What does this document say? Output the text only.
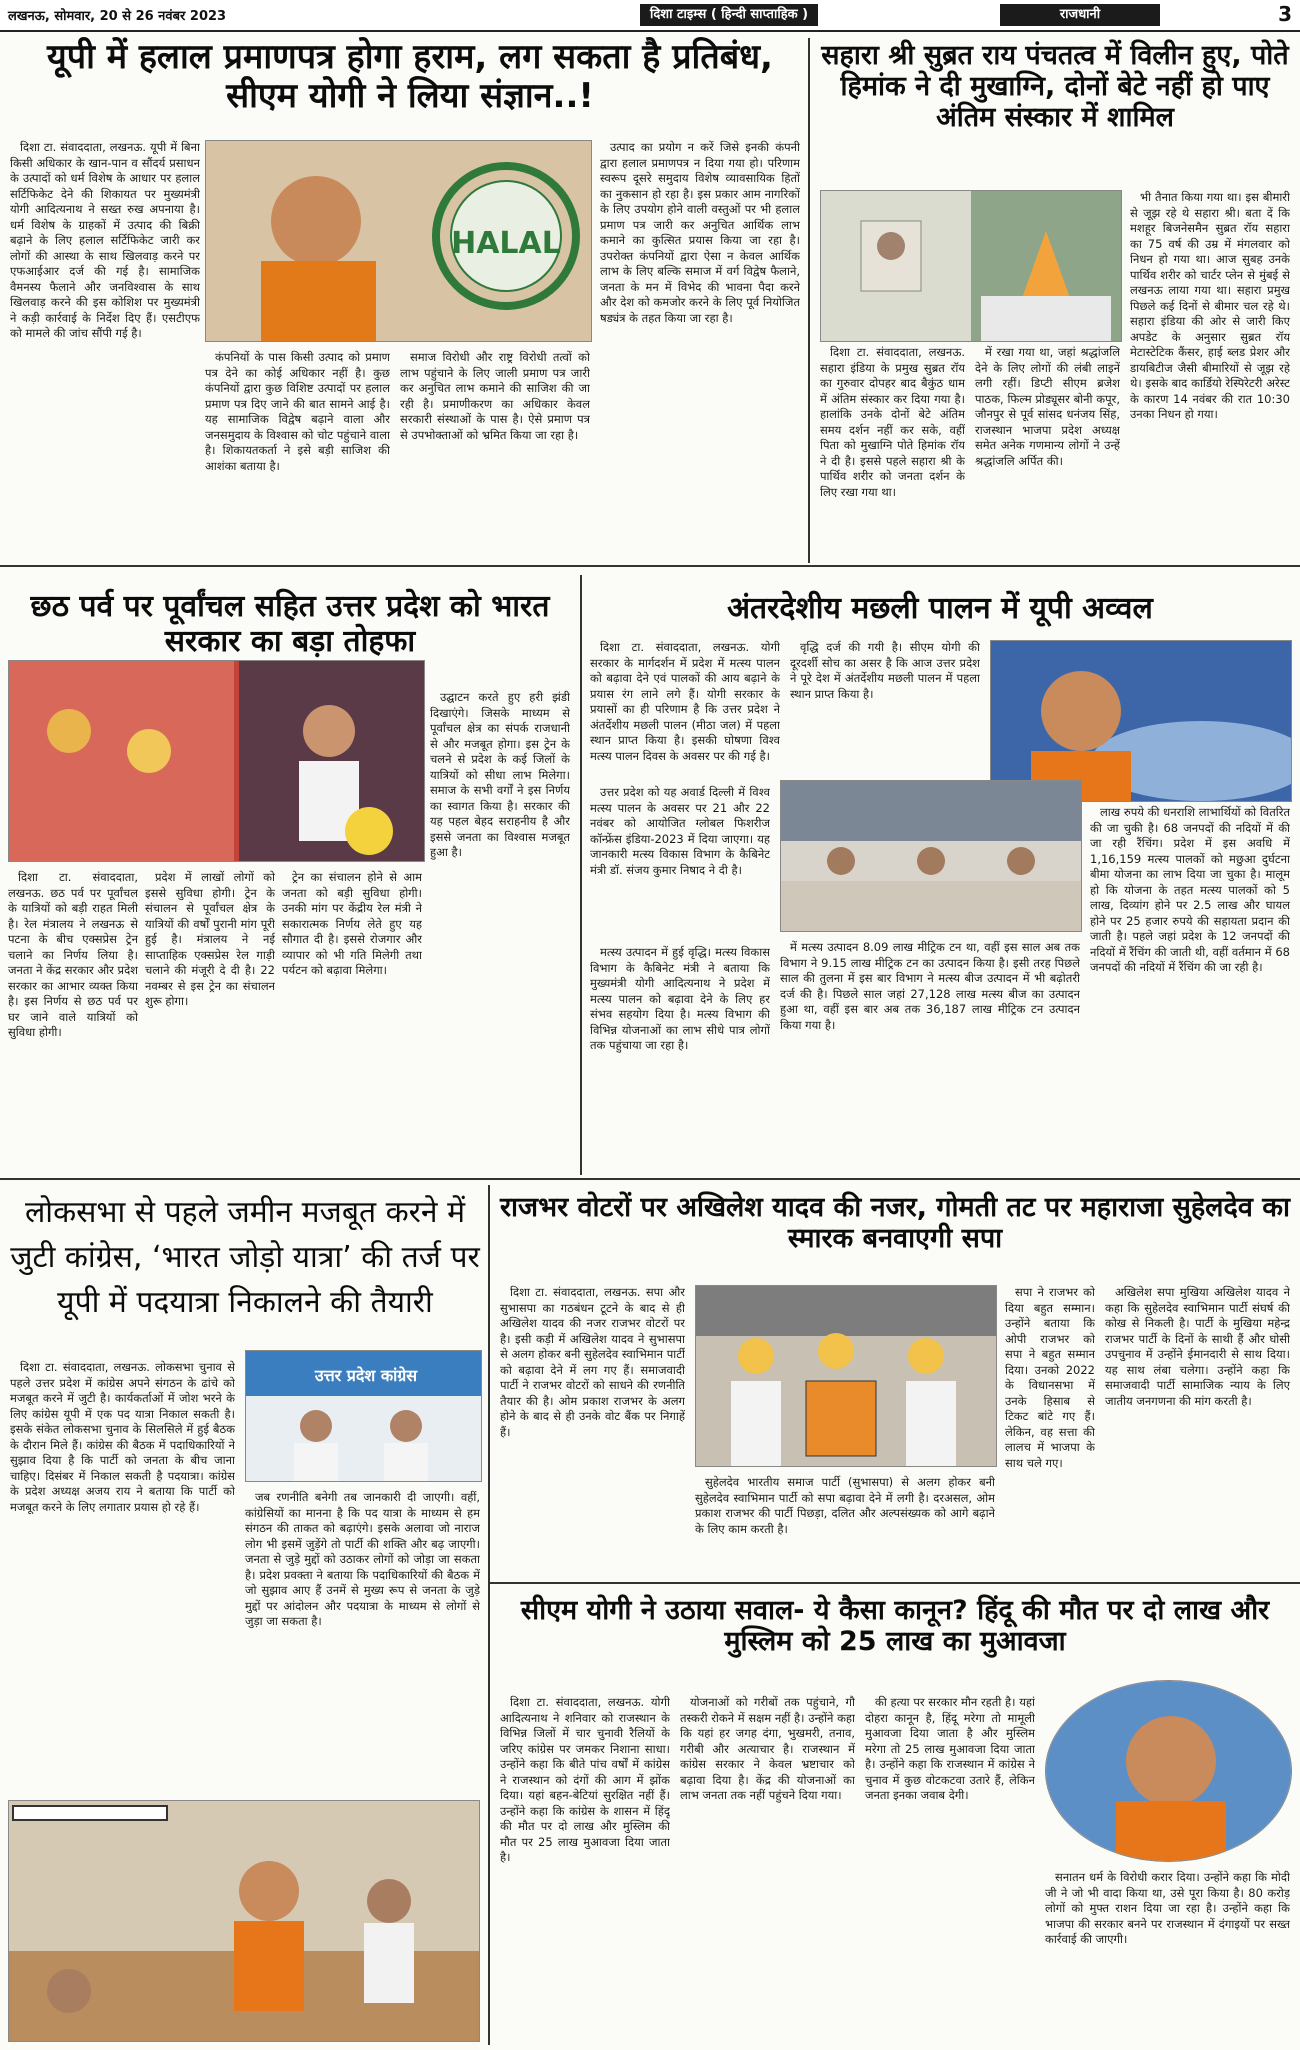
लखनऊ, सोमवार, 20 से 26 नवंबर 2023	दिशा टाइम्स ( हिन्दी साप्ताहिक )	राजधानी	3
यूपी में हलाल प्रमाणपत्र होगा हराम, लग सकता है प्रतिबंध, सीएम योगी ने लिया संज्ञान..!
HALAL

दिशा टा. संवाददाता, लखनऊ. यूपी में बिना किसी अधिकार के खान-पान व सौंदर्य प्रसाधन के उत्पादों को धर्म विशेष के आधार पर हलाल सर्टिफिकेट देने की शिकायत पर मुख्यमंत्री योगी आदित्यनाथ ने सख्त रुख अपनाया है। धर्म विशेष के ग्राहकों में उत्पाद की बिक्री बढ़ाने के लिए हलाल सर्टिफिकेट जारी कर लोगों की आस्था के साथ खिलवाड़ करने पर एफआईआर दर्ज की गई है। सामाजिक वैमनस्य फैलाने और जनविश्वास के साथ खिलवाड़ करने की इस कोशिश पर मुख्यमंत्री ने कड़ी कार्रवाई के निर्देश दिए हैं। एसटीएफ को मामले की जांच सौंपी गई है।

कंपनियों के पास किसी उत्पाद को प्रमाण पत्र देने का कोई अधिकार नहीं है। कुछ कंपनियों द्वारा कुछ विशिष्ट उत्पादों पर हलाल प्रमाण पत्र दिए जाने की बात सामने आई है। यह सामाजिक विद्वेष बढ़ाने वाला और जनसमुदाय के विश्वास को चोट पहुंचाने वाला है। शिकायतकर्ता ने इसे बड़ी साजिश की आशंका बताया है।

समाज विरोधी और राष्ट्र विरोधी तत्वों को लाभ पहुंचाने के लिए जाली प्रमाण पत्र जारी कर अनुचित लाभ कमाने की साजिश की जा रही है। प्रमाणीकरण का अधिकार केवल सरकारी संस्थाओं के पास है। ऐसे प्रमाण पत्र से उपभोक्ताओं को भ्रमित किया जा रहा है।

उत्पाद का प्रयोग न करें जिसे इनकी कंपनी द्वारा हलाल प्रमाणपत्र न दिया गया हो। परिणाम स्वरूप दूसरे समुदाय विशेष व्यावसायिक हितों का नुकसान हो रहा है। इस प्रकार आम नागरिकों के लिए उपयोग होने वाली वस्तुओं पर भी हलाल प्रमाण पत्र जारी कर अनुचित आर्थिक लाभ कमाने का कुत्सित प्रयास किया जा रहा है। उपरोक्त कंपनियों द्वारा ऐसा न केवल आर्थिक लाभ के लिए बल्कि समाज में वर्ग विद्वेष फैलाने, जनता के मन में विभेद की भावना पैदा करने और देश को कमजोर करने के लिए पूर्व नियोजित षड्यंत्र के तहत किया जा रहा है।

सहारा श्री सुब्रत राय पंचतत्व में विलीन हुए, पोते हिमांक ने दी मुखाग्नि, दोनों बेटे नहीं हो पाए अंतिम संस्कार में शामिल

दिशा टा. संवाददाता, लखनऊ. सहारा इंडिया के प्रमुख सुब्रत रॉय का गुरुवार दोपहर बाद बैकुंठ धाम में अंतिम संस्कार कर दिया गया है। हालांकि उनके दोनों बेटे अंतिम समय दर्शन नहीं कर सके, वहीं पिता को मुखाग्नि पोते हिमांक रॉय ने दी है। इससे पहले सहारा श्री के पार्थिव शरीर को जनता दर्शन के लिए रखा गया था।

में रखा गया था, जहां श्रद्धांजलि देने के लिए लोगों की लंबी लाइनें लगी रहीं। डिप्टी सीएम ब्रजेश पाठक, फिल्म प्रोड्यूसर बोनी कपूर, जौनपुर से पूर्व सांसद धनंजय सिंह, राजस्थान भाजपा प्रदेश अध्यक्ष समेत अनेक गणमान्य लोगों ने उन्हें श्रद्धांजलि अर्पित की।

भी तैनात किया गया था। इस बीमारी से जूझ रहे थे सहारा श्री। बता दें कि मशहूर बिजनेसमैन सुब्रत रॉय सहारा का 75 वर्ष की उम्र में मंगलवार को निधन हो गया था। आज सुबह उनके पार्थिव शरीर को चार्टर प्लेन से मुंबई से लखनऊ लाया गया था। सहारा प्रमुख पिछले कई दिनों से बीमार चल रहे थे। सहारा इंडिया की ओर से जारी किए अपडेट के अनुसार सुब्रत रॉय मेटास्टेटिक कैंसर, हाई ब्लड प्रेशर और डायबिटीज जैसी बीमारियों से जूझ रहे थे। इसके बाद कार्डियो रेस्पिरेटरी अरेस्ट के कारण 14 नवंबर की रात 10:30 उनका निधन हो गया।

छठ पर्व पर पूर्वांचल सहित उत्तर प्रदेश को भारत सरकार का बड़ा तोहफा

दिशा टा. संवाददाता, लखनऊ. छठ पर्व पर पूर्वांचल के यात्रियों को बड़ी राहत मिली है। रेल मंत्रालय ने लखनऊ से पटना के बीच एक्सप्रेस ट्रेन चलाने का निर्णय लिया है। जनता ने केंद्र सरकार और प्रदेश सरकार का आभार व्यक्त किया है। इस निर्णय से छठ पर्व पर घर जाने वाले यात्रियों को सुविधा होगी।

प्रदेश में लाखों लोगों को इससे सुविधा होगी। ट्रेन के संचालन से पूर्वांचल क्षेत्र के यात्रियों की वर्षों पुरानी मांग पूरी हुई है। मंत्रालय ने नई साप्ताहिक एक्सप्रेस रेल गाड़ी चलाने की मंजूरी दे दी है। 22 नवम्बर से इस ट्रेन का संचालन शुरू होगा।

ट्रेन का संचालन होने से आम जनता को बड़ी सुविधा होगी। उनकी मांग पर केंद्रीय रेल मंत्री ने सकारात्मक निर्णय लेते हुए यह सौगात दी है। इससे रोजगार और व्यापार को भी गति मिलेगी तथा पर्यटन को बढ़ावा मिलेगा।

उद्घाटन करते हुए हरी झंडी दिखाएंगे। जिसके माध्यम से पूर्वांचल क्षेत्र का संपर्क राजधानी से और मजबूत होगा। इस ट्रेन के चलने से प्रदेश के कई जिलों के यात्रियों को सीधा लाभ मिलेगा। समाज के सभी वर्गों ने इस निर्णय का स्वागत किया है। सरकार की यह पहल बेहद सराहनीय है और इससे जनता का विश्वास मजबूत हुआ है।

अंतरदेशीय मछली पालन में यूपी अव्वल

दिशा टा. संवाददाता, लखनऊ. योगी सरकार के मार्गदर्शन में प्रदेश में मत्स्य पालन को बढ़ावा देने एवं पालकों की आय बढ़ाने के प्रयास रंग लाने लगे हैं। योगी सरकार के प्रयासों का ही परिणाम है कि उत्तर प्रदेश ने अंतर्देशीय मछली पालन (मीठा जल) में पहला स्थान प्राप्त किया है। इसकी घोषणा विश्व मत्स्य पालन दिवस के अवसर पर की गई है।

वृद्धि दर्ज की गयी है। सीएम योगी की दूरदर्शी सोच का असर है कि आज उत्तर प्रदेश ने पूरे देश में अंतर्देशीय मछली पालन में पहला स्थान प्राप्त किया है।

उत्तर प्रदेश को यह अवार्ड दिल्ली में विश्व मत्स्य पालन के अवसर पर 21 और 22 नवंबर को आयोजित ग्लोबल फिशरीज कॉन्फ्रेंस इंडिया-2023 में दिया जाएगा। यह जानकारी मत्स्य विकास विभाग के कैबिनेट मंत्री डॉ. संजय कुमार निषाद ने दी है।

मत्स्य उत्पादन में हुई वृद्धि। मत्स्य विकास विभाग के कैबिनेट मंत्री ने बताया कि मुख्यमंत्री योगी आदित्यनाथ ने प्रदेश में मत्स्य पालन को बढ़ावा देने के लिए हर संभव सहयोग दिया है। मत्स्य विभाग की विभिन्न योजनाओं का लाभ सीधे पात्र लोगों तक पहुंचाया जा रहा है।

में मत्स्य उत्पादन 8.09 लाख मीट्रिक टन था, वहीं इस साल अब तक विभाग ने 9.15 लाख मीट्रिक टन का उत्पादन किया है। इसी तरह पिछले साल की तुलना में इस बार विभाग ने मत्स्य बीज उत्पादन में भी बढ़ोतरी दर्ज की है। पिछले साल जहां 27,128 लाख मत्स्य बीज का उत्पादन हुआ था, वहीं इस बार अब तक 36,187 लाख मीट्रिक टन उत्पादन किया गया है।

लाख रुपये की धनराशि लाभार्थियों को वितरित की जा चुकी है। 68 जनपदों की नदियों में की जा रही रैंचिंग। प्रदेश में इस अवधि में 1,16,159 मत्स्य पालकों को मछुआ दुर्घटना बीमा योजना का लाभ दिया जा चुका है। मालूम हो कि योजना के तहत मत्स्य पालकों को 5 लाख, दिव्यांग होने पर 2.5 लाख और घायल होने पर 25 हजार रुपये की सहायता प्रदान की जाती है। पहले जहां प्रदेश के 12 जनपदों की नदियों में रैंचिंग की जाती थी, वहीं वर्तमान में 68 जनपदों की नदियों में रैंचिंग की जा रही है।

लोकसभा से पहले जमीन मजबूत करने में जुटी कांग्रेस, ‘भारत जोड़ो यात्रा’ की तर्ज पर यूपी में पदयात्रा निकालने की तैयारी
उत्तर प्रदेश कांग्रेस

दिशा टा. संवाददाता, लखनऊ. लोकसभा चुनाव से पहले उत्तर प्रदेश में कांग्रेस अपने संगठन के ढांचे को मजबूत करने में जुटी है। कार्यकर्ताओं में जोश भरने के लिए कांग्रेस यूपी में एक पद यात्रा निकाल सकती है। इसके संकेत लोकसभा चुनाव के सिलसिले में हुई बैठक के दौरान मिले हैं। कांग्रेस की बैठक में पदाधिकारियों ने सुझाव दिया है कि पार्टी को जनता के बीच जाना चाहिए। दिसंबर में निकाल सकती है पदयात्रा। कांग्रेस के प्रदेश अध्यक्ष अजय राय ने बताया कि पार्टी को मजबूत करने के लिए लगातार प्रयास हो रहे हैं।

जब रणनीति बनेगी तब जानकारी दी जाएगी। वहीं, कांग्रेसियों का मानना है कि पद यात्रा के माध्यम से हम संगठन की ताकत को बढ़ाएंगे। इसके अलावा जो नाराज लोग भी इसमें जुड़ेंगे तो पार्टी की शक्ति और बढ़ जाएगी। जनता से जुड़े मुद्दों को उठाकर लोगों को जोड़ा जा सकता है। प्रदेश प्रवक्ता ने बताया कि पदाधिकारियों की बैठक में जो सुझाव आए हैं उनमें से मुख्य रूप से जनता के जुड़े मुद्दों पर आंदोलन और पदयात्रा के माध्यम से लोगों से जुड़ा जा सकता है।

राजभर वोटरों पर अखिलेश यादव की नजर, गोमती तट पर महाराजा सुहेलदेव का स्मारक बनवाएगी सपा

दिशा टा. संवाददाता, लखनऊ. सपा और सुभासपा का गठबंधन टूटने के बाद से ही अखिलेश यादव की नजर राजभर वोटरों पर है। इसी कड़ी में अखिलेश यादव ने सुभासपा से अलग होकर बनी सुहेलदेव स्वाभिमान पार्टी को बढ़ावा देने में लग गए हैं। समाजवादी पार्टी ने राजभर वोटरों को साधने की रणनीति तैयार की है। ओम प्रकाश राजभर के अलग होने के बाद से ही उनके वोट बैंक पर निगाहें हैं।

सुहेलदेव भारतीय समाज पार्टी (सुभासपा) से अलग होकर बनी सुहेलदेव स्वाभिमान पार्टी को सपा बढ़ावा देने में लगी है। दरअसल, ओम प्रकाश राजभर की पार्टी पिछड़ा, दलित और अल्पसंख्यक को आगे बढ़ाने के लिए काम करती है।

सपा ने राजभर को दिया बहुत सम्मान। उन्होंने बताया कि ओपी राजभर को सपा ने बहुत सम्मान दिया। उनको 2022 के विधानसभा में उनके हिसाब से टिकट बांटे गए हैं। लेकिन, वह सत्ता की लालच में भाजपा के साथ चले गए।

अखिलेश सपा मुखिया अखिलेश यादव ने कहा कि सुहेलदेव स्वाभिमान पार्टी संघर्ष की कोख से निकली है। पार्टी के मुखिया महेन्द्र राजभर पार्टी के दिनों के साथी हैं और घोसी उपचुनाव में उन्होंने ईमानदारी से साथ दिया। यह साथ लंबा चलेगा। उन्होंने कहा कि समाजवादी पार्टी सामाजिक न्याय के लिए जातीय जनगणना की मांग करती है।

सीएम योगी ने उठाया सवाल- ये कैसा कानून? हिंदू की मौत पर दो लाख और मुस्लिम को 25 लाख का मुआवजा

दिशा टा. संवाददाता, लखनऊ. योगी आदित्यनाथ ने शनिवार को राजस्थान के विभिन्न जिलों में चार चुनावी रैलियों के जरिए कांग्रेस पर जमकर निशाना साधा। उन्होंने कहा कि बीते पांच वर्षों में कांग्रेस ने राजस्थान को दंगों की आग में झोंक दिया। यहां बहन-बेटियां सुरक्षित नहीं हैं। उन्होंने कहा कि कांग्रेस के शासन में हिंदू की मौत पर दो लाख और मुस्लिम की मौत पर 25 लाख मुआवजा दिया जाता है।

योजनाओं को गरीबों तक पहुंचाने, गौ तस्करी रोकने में सक्षम नहीं है। उन्होंने कहा कि यहां हर जगह दंगा, भुखमरी, तनाव, गरीबी और अत्याचार है। राजस्थान में कांग्रेस सरकार ने केवल भ्रष्टाचार को बढ़ावा दिया है। केंद्र की योजनाओं का लाभ जनता तक नहीं पहुंचने दिया गया।

की हत्या पर सरकार मौन रहती है। यहां दोहरा कानून है, हिंदू मरेगा तो मामूली मुआवजा दिया जाता है और मुस्लिम मरेगा तो 25 लाख मुआवजा दिया जाता है। उन्होंने कहा कि राजस्थान में कांग्रेस ने चुनाव में कुछ वोटकटवा उतारे हैं, लेकिन जनता इनका जवाब देगी।

सनातन धर्म के विरोधी करार दिया। उन्होंने कहा कि मोदी जी ने जो भी वादा किया था, उसे पूरा किया है। 80 करोड़ लोगों को मुफ्त राशन दिया जा रहा है। उन्होंने कहा कि भाजपा की सरकार बनने पर राजस्थान में दंगाइयों पर सख्त कार्रवाई की जाएगी।
